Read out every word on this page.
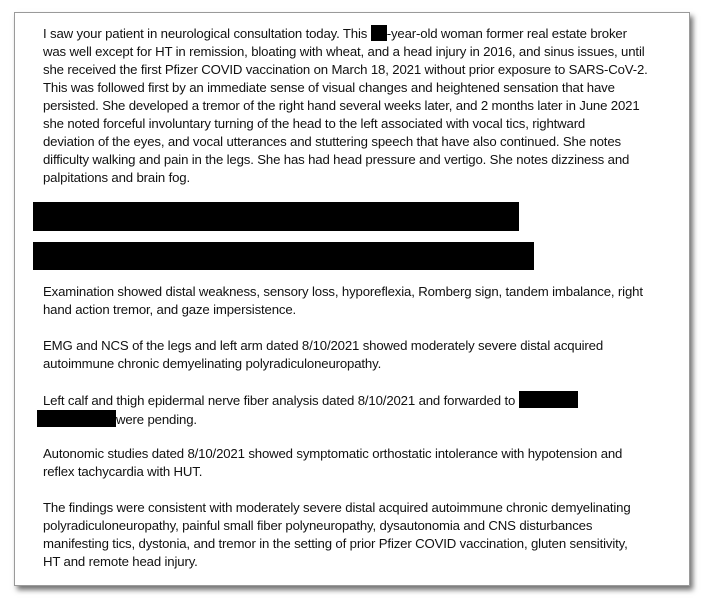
I saw your patient in neurological consultation today. This -year-old woman former real estate broker
was well except for HT in remission, bloating with wheat, and a head injury in 2016, and sinus issues, until
she received the first Pfizer COVID vaccination on March 18, 2021 without prior exposure to SARS-CoV-2.
This was followed first by an immediate sense of visual changes and heightened sensation that have
persisted. She developed a tremor of the right hand several weeks later, and 2 months later in June 2021
she noted forceful involuntary turning of the head to the left associated with vocal tics, rightward
deviation of the eyes, and vocal utterances and stuttering speech that have also continued. She notes
difficulty walking and pain in the legs. She has had head pressure and vertigo. She notes dizziness and
palpitations and brain fog.
Examination showed distal weakness, sensory loss, hyporeflexia, Romberg sign, tandem imbalance, right
hand action tremor, and gaze impersistence.
EMG and NCS of the legs and left arm dated 8/10/2021 showed moderately severe distal acquired
autoimmune chronic demyelinating polyradiculoneuropathy.
Left calf and thigh epidermal nerve fiber analysis dated 8/10/2021 and forwarded to
were pending.
Autonomic studies dated 8/10/2021 showed symptomatic orthostatic intolerance with hypotension and
reflex tachycardia with HUT.
The findings were consistent with moderately severe distal acquired autoimmune chronic demyelinating
polyradiculoneuropathy, painful small fiber polyneuropathy, dysautonomia and CNS disturbances
manifesting tics, dystonia, and tremor in the setting of prior Pfizer COVID vaccination, gluten sensitivity,
HT and remote head injury.
